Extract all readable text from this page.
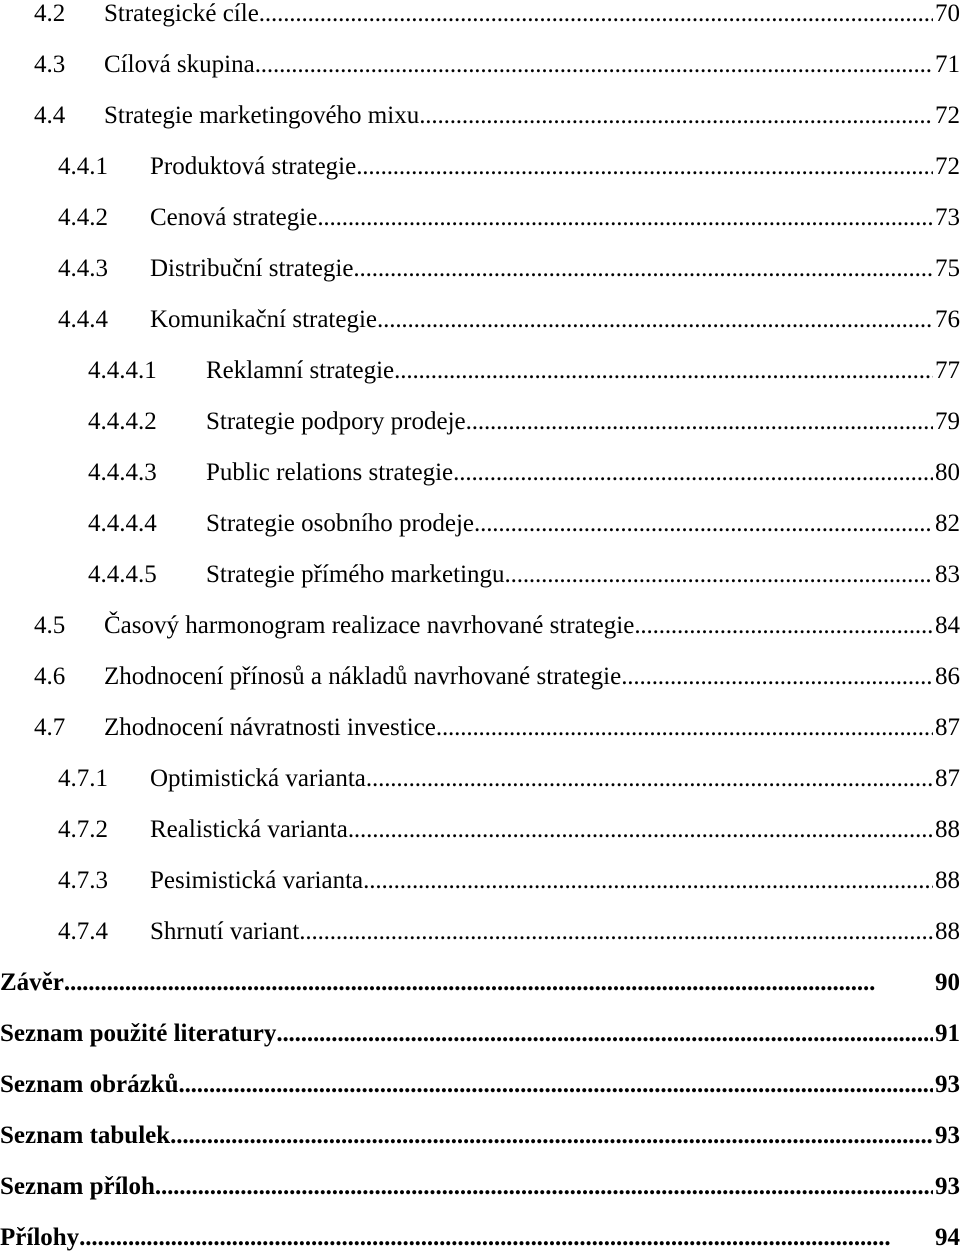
4.2	Strategické cíle . . .	70
4.3	Cílová skupina . . .	71
4.4	Strategie marketingového mixu . . .	72
4.4.1	Produktová strategie . . .	72
4.4.2	Cenová strategie . . .	73
4.4.3	Distribuční strategie . . .	75
4.4.4	Komunikační strategie . . .	76
4.4.4.1	Reklamní strategie . . .	77
4.4.4.2	Strategie podpory prodeje . . .	79
4.4.4.3	Public relations strategie . . .	80
4.4.4.4	Strategie osobního prodeje . . .	82
4.4.4.5	Strategie přímého marketingu . . .	83
4.5	Časový harmonogram realizace navrhované strategie . . .	84
4.6	Zhodnocení přínosů a nákladů navrhované strategie . . .	86
4.7	Zhodnocení návratnosti investice . . .	87
4.7.1	Optimistická varianta . . .	87
4.7.2	Realistická varianta . . .	88
4.7.3	Pesimistická varianta . . .	88
4.7.4	Shrnutí variant . . .	88
Závěr . . .	90
Seznam použité literatury . . .	91
Seznam obrázků . . .	93
Seznam tabulek . . .	93
Seznam příloh . . .	93
Přílohy . . .	94
